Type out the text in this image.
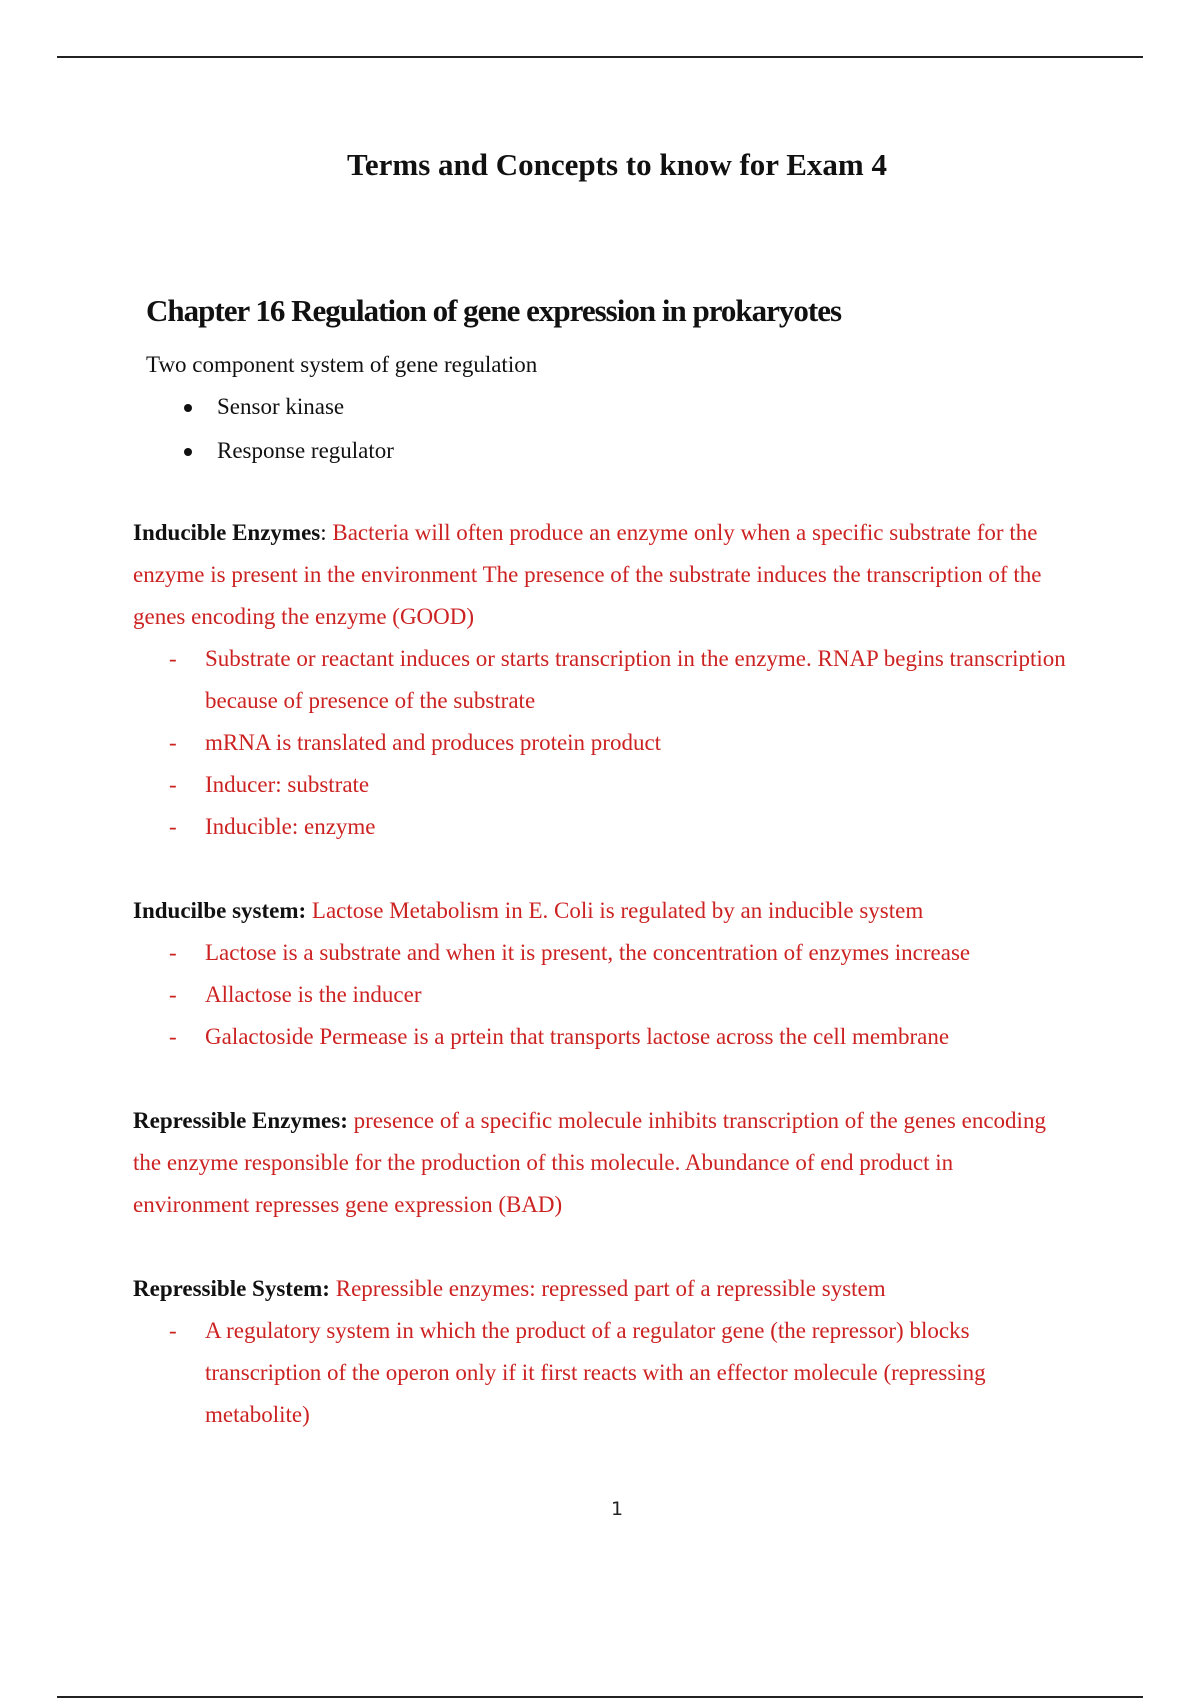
Terms and Concepts to know for Exam 4
Chapter 16 Regulation of gene expression in prokaryotes
Two component system of gene regulation
Sensor kinase
Response regulator
Inducible Enzymes: Bacteria will often produce an enzyme only when a specific substrate for the enzyme is present in the environment The presence of the substrate induces the transcription of the genes encoding the enzyme (GOOD)
- Substrate or reactant induces or starts transcription in the enzyme. RNAP begins transcription because of presence of the substrate
- mRNA is translated and produces protein product
- Inducer: substrate
- Inducible: enzyme
Inducilbe system: Lactose Metabolism in E. Coli is regulated by an inducible system
- Lactose is a substrate and when it is present, the concentration of enzymes increase
- Allactose is the inducer
- Galactoside Permease is a prtein that transports lactose across the cell membrane
Repressible Enzymes: presence of a specific molecule inhibits transcription of the genes encoding the enzyme responsible for the production of this molecule. Abundance of end product in environment represses gene expression (BAD)
Repressible System: Repressible enzymes: repressed part of a repressible system
- A regulatory system in which the product of a regulator gene (the repressor) blocks transcription of the operon only if it first reacts with an effector molecule (repressing metabolite)
1
